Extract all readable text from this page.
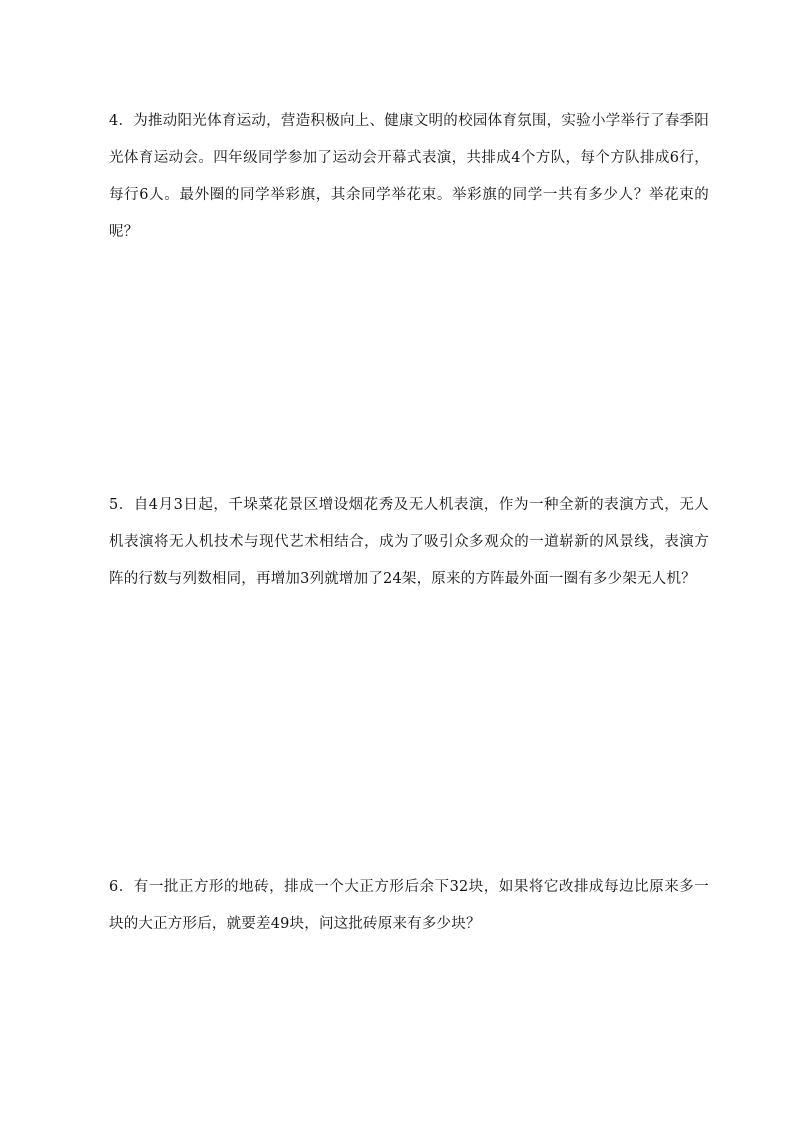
4．为推动阳光体育运动，营造积极向上、健康文明的校园体育氛围，实验小学举行了春季阳光体育运动会。四年级同学参加了运动会开幕式表演，共排成4个方队，每个方队排成6行，每行6人。最外圈的同学举彩旗，其余同学举花束。举彩旗的同学一共有多少人？举花束的呢？
5．自4月3日起，千垛菜花景区增设烟花秀及无人机表演，作为一种全新的表演方式，无人机表演将无人机技术与现代艺术相结合，成为了吸引众多观众的一道崭新的风景线，表演方阵的行数与列数相同，再增加3列就增加了24架，原来的方阵最外面一圈有多少架无人机？
6．有一批正方形的地砖，排成一个大正方形后余下32块，如果将它改排成每边比原来多一块的大正方形后，就要差49块，问这批砖原来有多少块？
